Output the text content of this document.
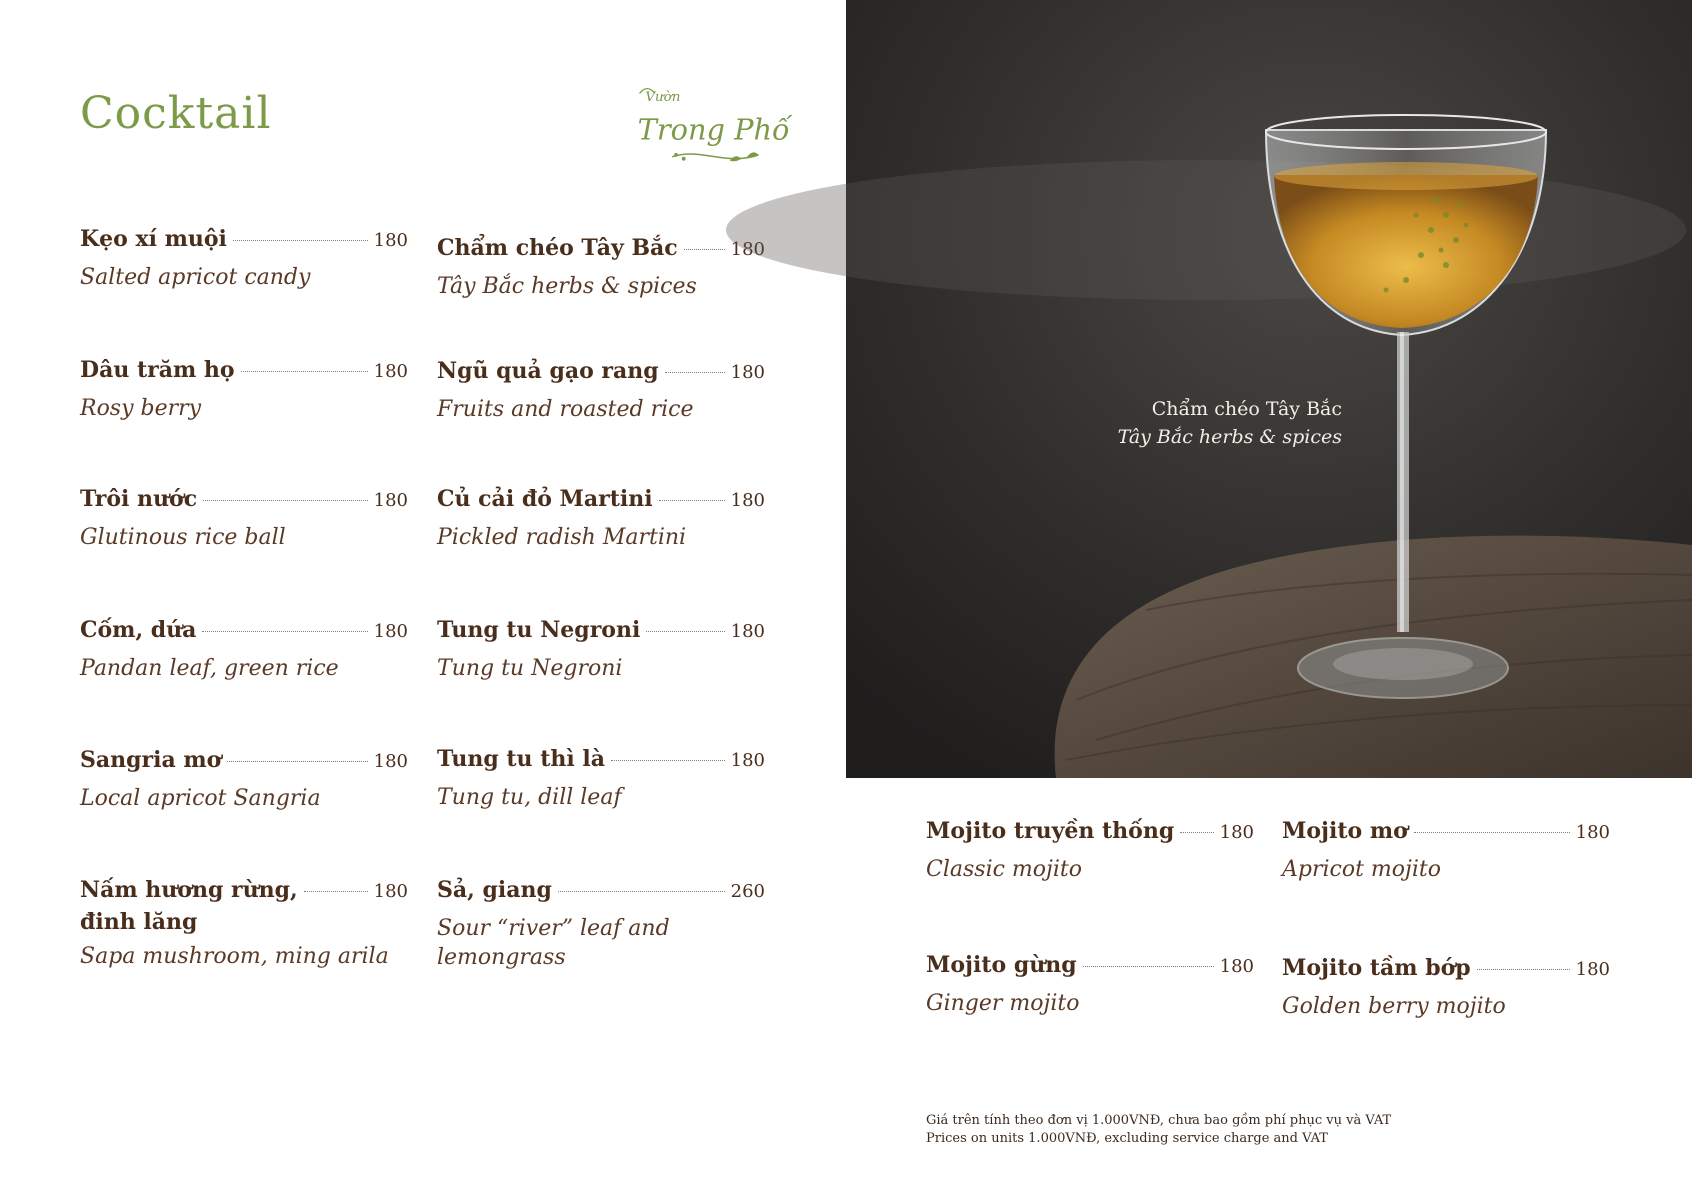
Cocktail	Vườn
Trong Phố
Kẹo xí muội	180
Salted apricot candy
Dâu trăm họ	180
Rosy berry
Trôi nước	180
Glutinous rice ball
Cốm, dứa	180
Pandan leaf, green rice
Sangria mơ	180
Local apricot Sangria
Nấm hương rừng,	180
đinh lăng
Sapa mushroom, ming arila
Chẩm chéo Tây Bắc	180
Tây Bắc herbs & spices
Ngũ quả gạo rang	180
Fruits and roasted rice
Củ cải đỏ Martini	180
Pickled radish Martini
Tung tu Negroni	180
Tung tu Negroni
Tung tu thì là	180
Tung tu, dill leaf
Sả, giang	260
Sour “river” leaf and lemongrass
Chẩm chéo Tây Bắc
Tây Bắc herbs & spices
Mojito truyền thống	180
Classic mojito
Mojito gừng	180
Ginger mojito
Mojito mơ	180
Apricot mojito
Mojito tầm bớp	180
Golden berry mojito
Giá trên tính theo đơn vị 1.000VNĐ, chưa bao gồm phí phục vụ và VAT
Prices on units 1.000VNĐ, excluding service charge and VAT
